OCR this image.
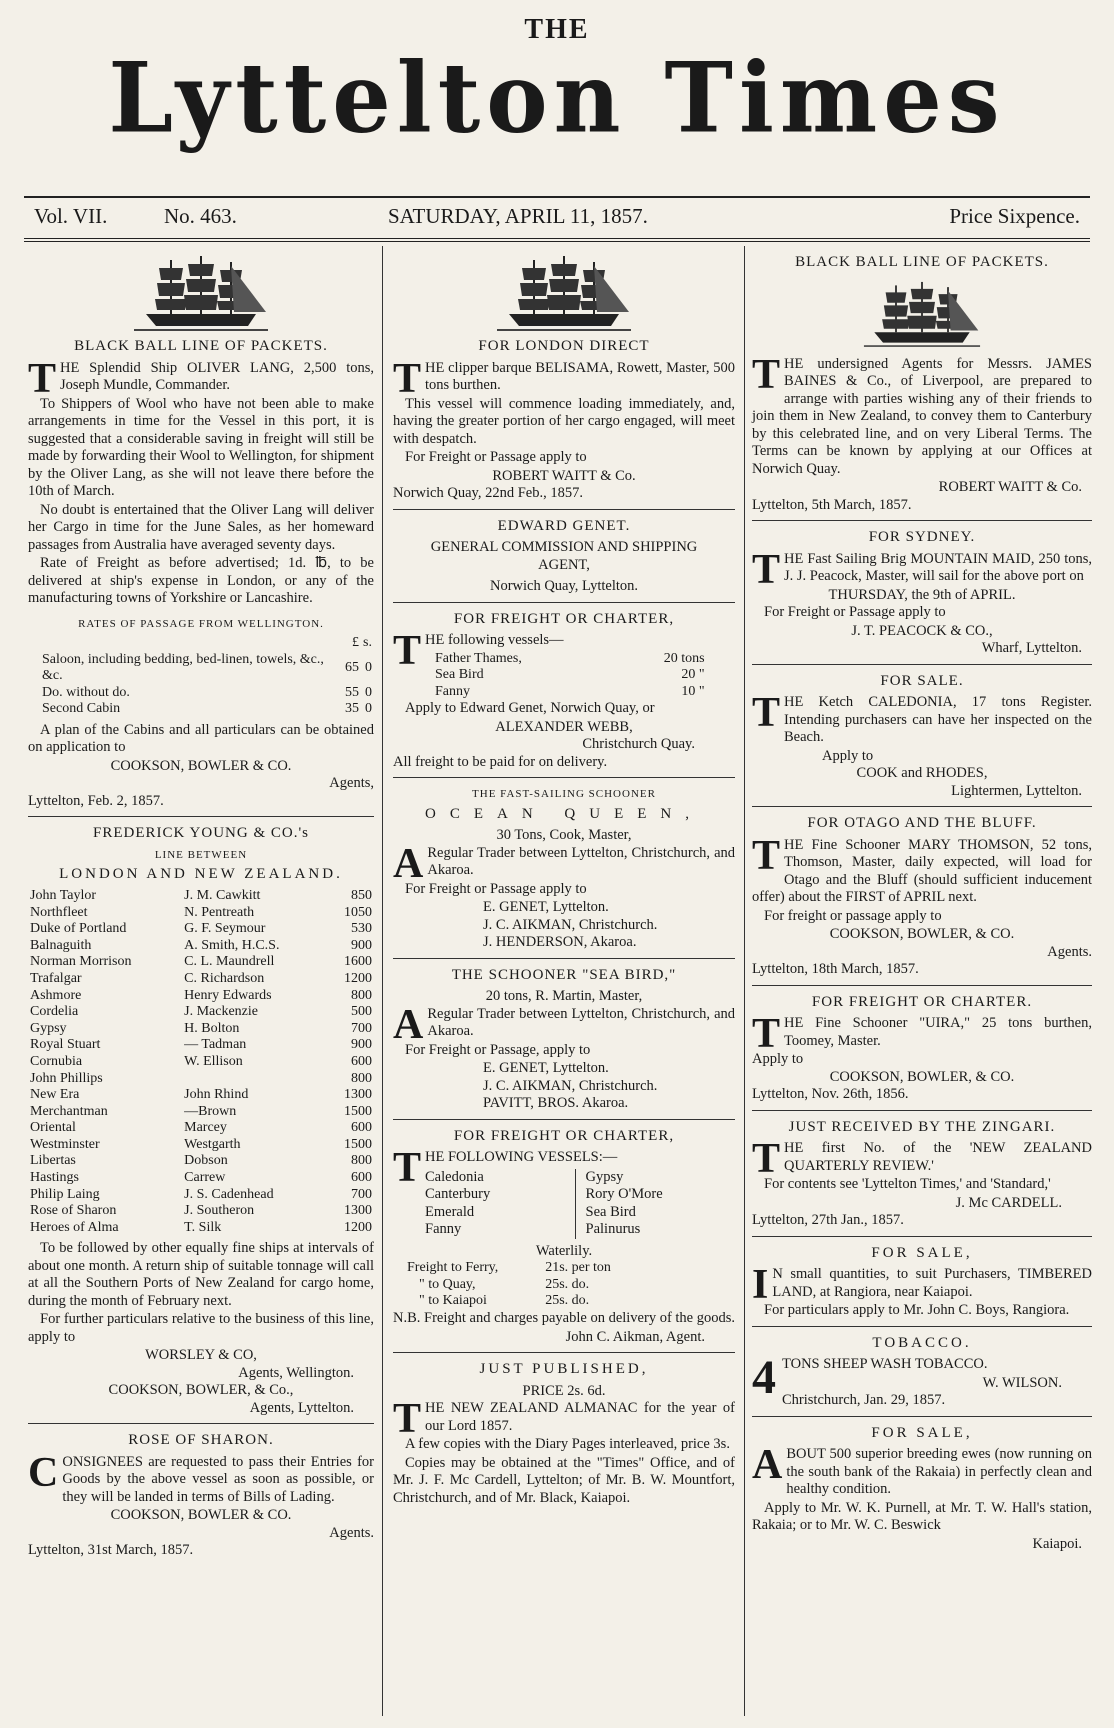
THE
Lyttelton Times
Vol. VII.	No. 463.	SATURDAY, APRIL 11, 1857.	Price Sixpence.
BLACK BALL LINE OF PACKETS.

THE Splendid Ship OLIVER LANG, 2,500 tons, Joseph Mundle, Commander.

To Shippers of Wool who have not been able to make arrangements in time for the Vessel in this port, it is suggested that a considerable saving in freight will still be made by forwarding their Wool to Wellington, for shipment by the Oliver Lang, as she will not leave there before the 10th of March.

No doubt is entertained that the Oliver Lang will deliver her Cargo in time for the June Sales, as her homeward passages from Australia have averaged seventy days.

Rate of Freight as before advertised; 1d. ℔, to be delivered at ship's expense in London, or any of the manufacturing towns of Yorkshire or Lancashire.

RATES OF PASSAGE FROM WELLINGTON.
	£	s.
Saloon, including bedding, bed-linen, towels, &c., &c.	65	0
Do. without do.	55	0
Second Cabin	35	0

A plan of the Cabins and all particulars can be obtained on application to

COOKSON, BOWLER & CO.
Agents,
Lyttelton, Feb. 2, 1857.
FREDERICK YOUNG & CO.'s
LINE BETWEEN
LONDON AND NEW ZEALAND.
John Taylor	J. M. Cawkitt	850
Northfleet	N. Pentreath	1050
Duke of Portland	G. F. Seymour	530
Balnaguith	A. Smith, H.C.S.	900
Norman Morrison	C. L. Maundrell	1600
Trafalgar	C. Richardson	1200
Ashmore	Henry Edwards	800
Cordelia	J. Mackenzie	500
Gypsy	H. Bolton	700
Royal Stuart	— Tadman	900
Cornubia	W. Ellison	600
John Phillips		800
New Era	John Rhind	1300
Merchantman	—Brown	1500
Oriental	Marcey	600
Westminster	Westgarth	1500
Libertas	Dobson	800
Hastings	Carrew	600
Philip Laing	J. S. Cadenhead	700
Rose of Sharon	J. Southeron	1300
Heroes of Alma	T. Silk	1200

To be followed by other equally fine ships at intervals of about one month. A return ship of suitable tonnage will call at all the Southern Ports of New Zealand for cargo home, during the month of February next.

For further particulars relative to the business of this line, apply to

WORSLEY & CO,
Agents, Wellington.
COOKSON, BOWLER, & Co.,
Agents, Lyttelton.
ROSE OF SHARON.

CONSIGNEES are requested to pass their Entries for Goods by the above vessel as soon as possible, or they will be landed in terms of Bills of Lading.

COOKSON, BOWLER & CO.
Agents.
Lyttelton, 31st March, 1857.
FOR LONDON DIRECT

THE clipper barque BELISAMA, Rowett, Master, 500 tons burthen.

This vessel will commence loading immediately, and, having the greater portion of her cargo engaged, will meet with despatch.

For Freight or Passage apply to

ROBERT WAITT & Co.
Norwich Quay, 22nd Feb., 1857.
EDWARD GENET.
GENERAL COMMISSION AND SHIPPING AGENT,
Norwich Quay, Lyttelton.
FOR FREIGHT OR CHARTER,

THE following vessels—

Father Thames,	20 tons
Sea Bird	20 "
Fanny	10 "

Apply to Edward Genet, Norwich Quay, or

ALEXANDER WEBB,
Christchurch Quay.
All freight to be paid for on delivery.
THE FAST-SAILING SCHOONER
OCEAN QUEEN,
30 Tons, Cook, Master,

A Regular Trader between Lyttelton, Christchurch, and Akaroa.

For Freight or Passage apply to

E. GENET, Lyttelton.
J. C. AIKMAN, Christchurch.
J. HENDERSON, Akaroa.
THE SCHOONER "SEA BIRD,"
20 tons, R. Martin, Master,

A Regular Trader between Lyttelton, Christchurch, and Akaroa.

For Freight or Passage, apply to

E. GENET, Lyttelton.
J. C. AIKMAN, Christchurch.
PAVITT, BROS. Akaroa.
FOR FREIGHT OR CHARTER,

THE FOLLOWING VESSELS:—

Caledonia
Canterbury
Emerald
Fanny
Gypsy
Rory O'More
Sea Bird
Palinurus
Waterlily.
Freight to Ferry,	21s. per ton
" to Quay,	25s. do.
" to Kaiapoi	25s. do.

N.B. Freight and charges payable on delivery of the goods.

John C. Aikman, Agent.
JUST PUBLISHED,
PRICE 2s. 6d.

THE NEW ZEALAND ALMANAC for the year of our Lord 1857.

A few copies with the Diary Pages interleaved, price 3s.

Copies may be obtained at the "Times" Office, and of Mr. J. F. Mc Cardell, Lyttelton; of Mr. B. W. Mountfort, Christchurch, and of Mr. Black, Kaiapoi.

BLACK BALL LINE OF PACKETS.

THE undersigned Agents for Messrs. JAMES BAINES & Co., of Liverpool, are prepared to arrange with parties wishing any of their friends to join them in New Zealand, to convey them to Canterbury by this celebrated line, and on very Liberal Terms. The Terms can be known by applying at our Offices at Norwich Quay.

ROBERT WAITT & Co.
Lyttelton, 5th March, 1857.
FOR SYDNEY.

THE Fast Sailing Brig MOUNTAIN MAID, 250 tons, J. J. Peacock, Master, will sail for the above port on

THURSDAY, the 9th of APRIL.

For Freight or Passage apply to

J. T. PEACOCK & CO.,
Wharf, Lyttelton.
FOR SALE.

THE Ketch CALEDONIA, 17 tons Register. Intending purchasers can have her inspected on the Beach.

Apply to
COOK and RHODES,
Lightermen, Lyttelton.
FOR OTAGO AND THE BLUFF.

THE Fine Schooner MARY THOMSON, 52 tons, Thomson, Master, daily expected, will load for Otago and the Bluff (should sufficient inducement offer) about the FIRST of APRIL next.

For freight or passage apply to

COOKSON, BOWLER, & CO.
Agents.
Lyttelton, 18th March, 1857.
FOR FREIGHT OR CHARTER.

THE Fine Schooner "UIRA," 25 tons burthen, Toomey, Master.

Apply to
COOKSON, BOWLER, & CO.
Lyttelton, Nov. 26th, 1856.
JUST RECEIVED BY THE ZINGARI.

THE first No. of the 'NEW ZEALAND QUARTERLY REVIEW.'

For contents see 'Lyttelton Times,' and 'Standard,'

J. Mc CARDELL.
Lyttelton, 27th Jan., 1857.
FOR SALE,

I N small quantities, to suit Purchasers, TIMBERED LAND, at Rangiora, near Kaiapoi.

For particulars apply to Mr. John C. Boys, Rangiora.

TOBACCO.

4 TONS SHEEP WASH TOBACCO.

W. WILSON.
Christchurch, Jan. 29, 1857.
FOR SALE,

ABOUT 500 superior breeding ewes (now running on the south bank of the Rakaia) in perfectly clean and healthy condition.

Apply to Mr. W. K. Purnell, at Mr. T. W. Hall's station, Rakaia; or to Mr. W. C. Beswick

Kaiapoi.
